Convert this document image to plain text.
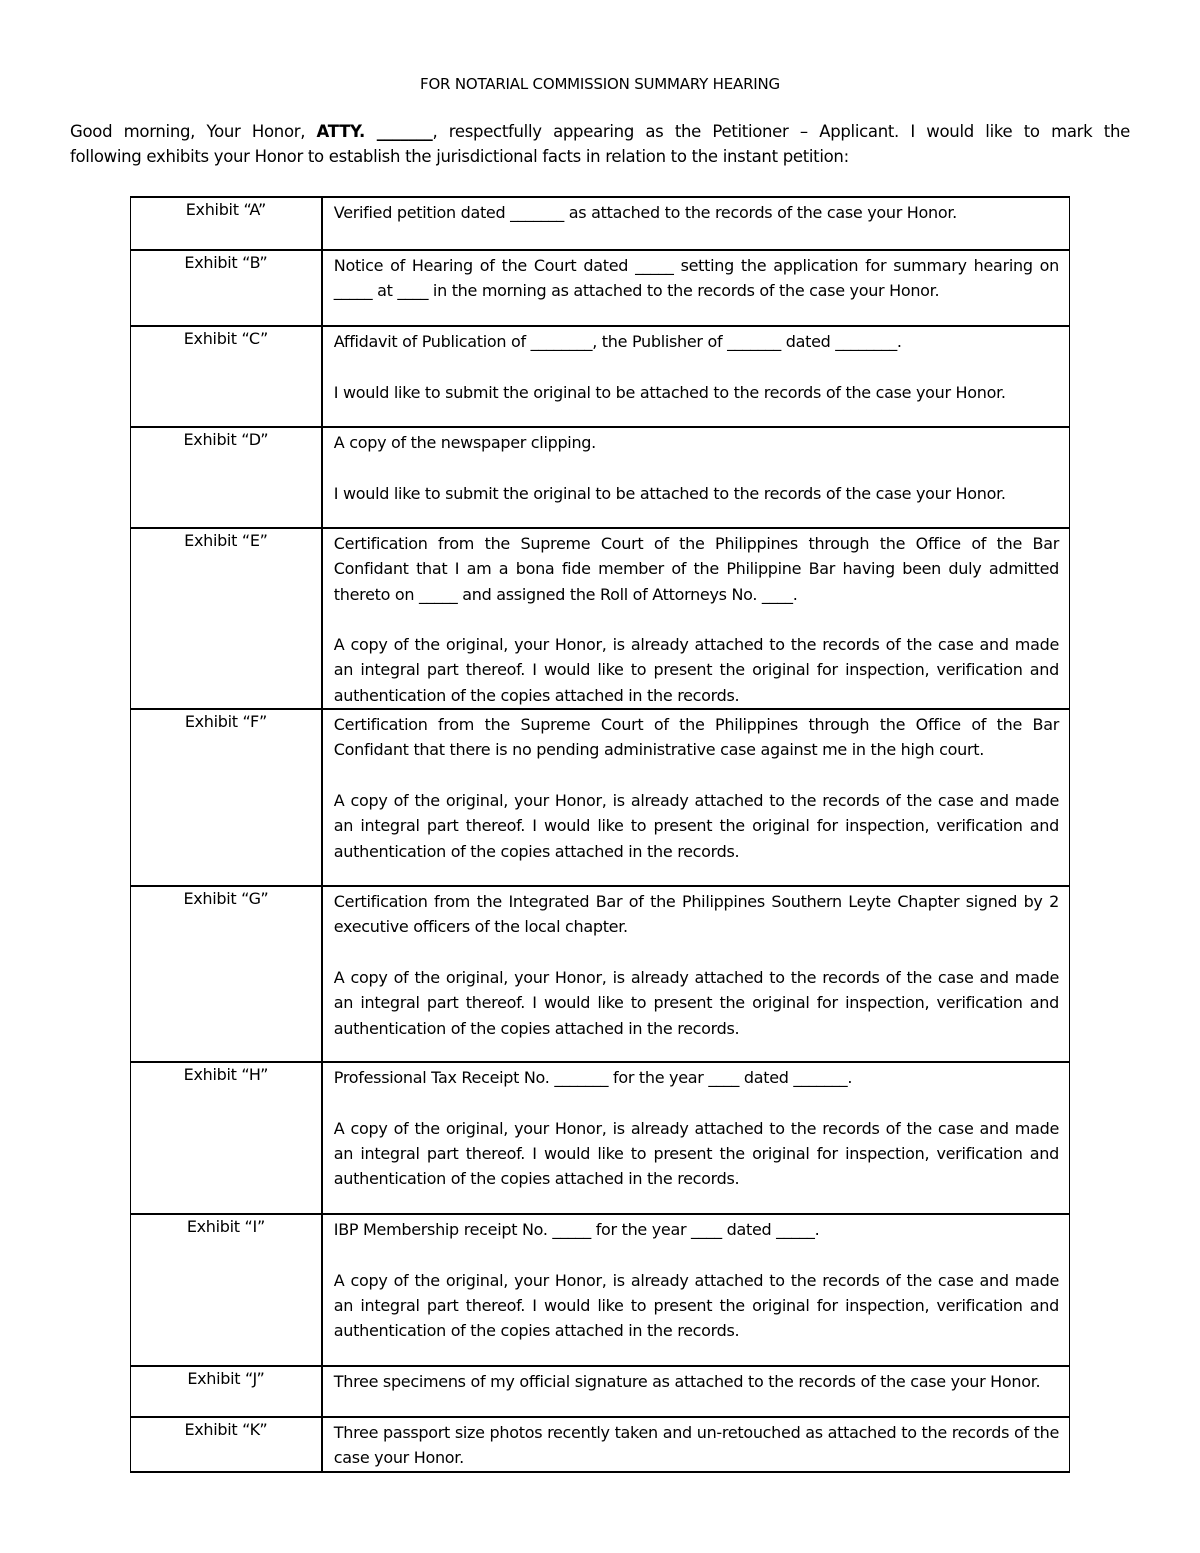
FOR NOTARIAL COMMISSION SUMMARY HEARING
Good morning, Your Honor, ATTY. _______, respectfully appearing as the Petitioner – Applicant. I would like to mark the
following exhibits your Honor to establish the jurisdictional facts in relation to the instant petition:
Exhibit “A”	Verified petition dated _______ as attached to the records of the case your Honor.

Exhibit “B”	Notice of Hearing of the Court dated _____ setting the application for summary hearing on _____ at ____ in the morning as attached to the records of the case your Honor.

Exhibit “C”	Affidavit of Publication of ________, the Publisher of _______ dated ________.

I would like to submit the original to be attached to the records of the case your Honor.

Exhibit “D”	A copy of the newspaper clipping.

I would like to submit the original to be attached to the records of the case your Honor.

Exhibit “E”	Certification from the Supreme Court of the Philippines through the Office of the Bar Confidant that I am a bona fide member of the Philippine Bar having been duly admitted thereto on _____ and assigned the Roll of Attorneys No. ____.

A copy of the original, your Honor, is already attached to the records of the case and made an integral part thereof. I would like to present the original for inspection, verification and authentication of the copies attached in the records.

Exhibit “F”	Certification from the Supreme Court of the Philippines through the Office of the Bar Confidant that there is no pending administrative case against me in the high court.

A copy of the original, your Honor, is already attached to the records of the case and made an integral part thereof. I would like to present the original for inspection, verification and authentication of the copies attached in the records.

Exhibit “G”	Certification from the Integrated Bar of the Philippines Southern Leyte Chapter signed by 2 executive officers of the local chapter.

A copy of the original, your Honor, is already attached to the records of the case and made an integral part thereof. I would like to present the original for inspection, verification and authentication of the copies attached in the records.

Exhibit “H”	Professional Tax Receipt No. _______ for the year ____ dated _______.

A copy of the original, your Honor, is already attached to the records of the case and made an integral part thereof. I would like to present the original for inspection, verification and authentication of the copies attached in the records.

Exhibit “I”	IBP Membership receipt No. _____ for the year ____ dated _____.

A copy of the original, your Honor, is already attached to the records of the case and made an integral part thereof. I would like to present the original for inspection, verification and authentication of the copies attached in the records.

Exhibit “J”	Three specimens of my official signature as attached to the records of the case your Honor.

Exhibit “K”	Three passport size photos recently taken and un-retouched as attached to the records of the case your Honor.
